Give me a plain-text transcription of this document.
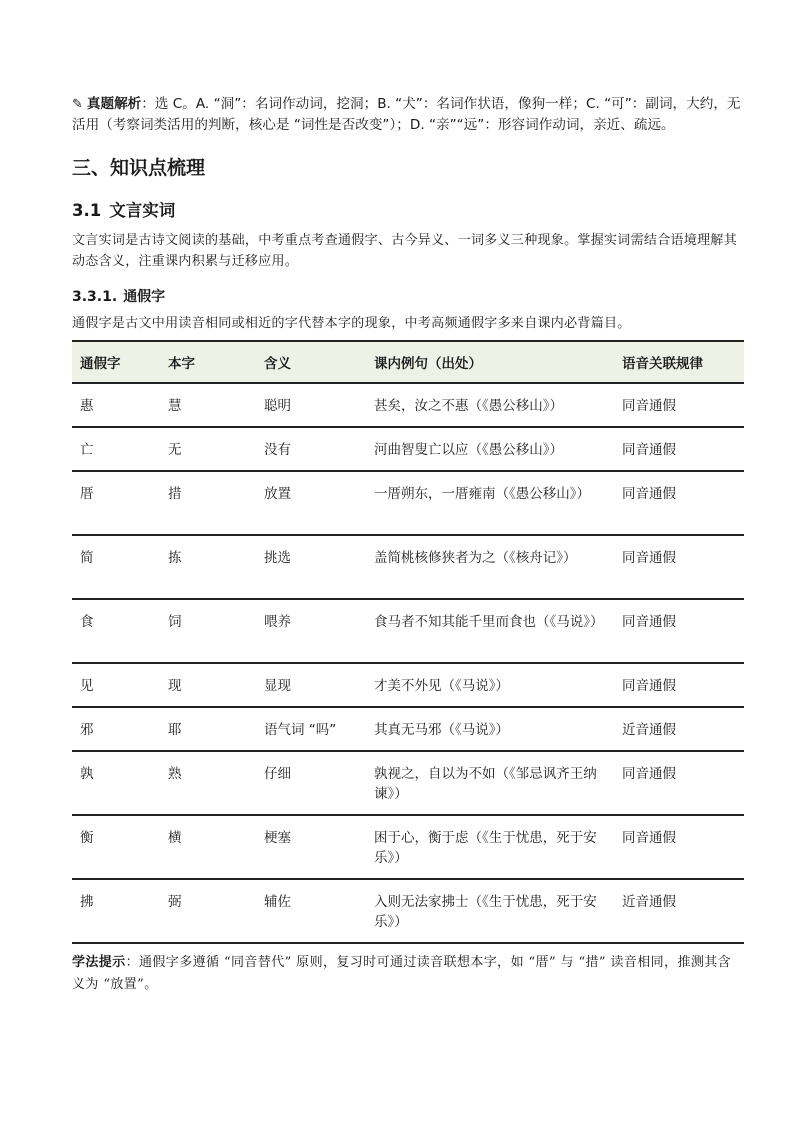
✎ 真题解析：选 C。A. “洞”：名词作动词，挖洞；B. “犬”：名词作状语，像狗一样；C. “可”：副词，大约，无活用（考察词类活用的判断，核心是 “词性是否改变”）；D. “亲”“远”：形容词作动词，亲近、疏远。

三、知识点梳理
3.1 文言实词

文言实词是古诗文阅读的基础，中考重点考查通假字、古今异义、一词多义三种现象。掌握实词需结合语境理解其动态含义，注重课内积累与迁移应用。

3.3.1. 通假字

通假字是古文中用读音相同或相近的字代替本字的现象，中考高频通假字多来自课内必背篇目。

通假字	本字	含义	课内例句（出处）	语音关联规律
惠	慧	聪明	甚矣，汝之不惠（《愚公移山》）	同音通假
亡	无	没有	河曲智叟亡以应（《愚公移山》）	同音通假
厝	措	放置	一厝朔东，一厝雍南（《愚公移山》）	同音通假
简	拣	挑选	盖简桃核修狭者为之（《核舟记》）	同音通假
食	饲	喂养	食马者不知其能千里而食也（《马说》）	同音通假
见	现	显现	才美不外见（《马说》）	同音通假
邪	耶	语气词 “吗”	其真无马邪（《马说》）	近音通假
孰	熟	仔细	孰视之，自以为不如（《邹忌讽齐王纳谏》）	同音通假
衡	横	梗塞	困于心，衡于虑（《生于忧患，死于安乐》）	同音通假
拂	弼	辅佐	入则无法家拂士（《生于忧患，死于安乐》）	近音通假

学法提示：通假字多遵循 “同音替代” 原则，复习时可通过读音联想本字，如 “厝” 与 “措” 读音相同，推测其含义为 “放置”。
